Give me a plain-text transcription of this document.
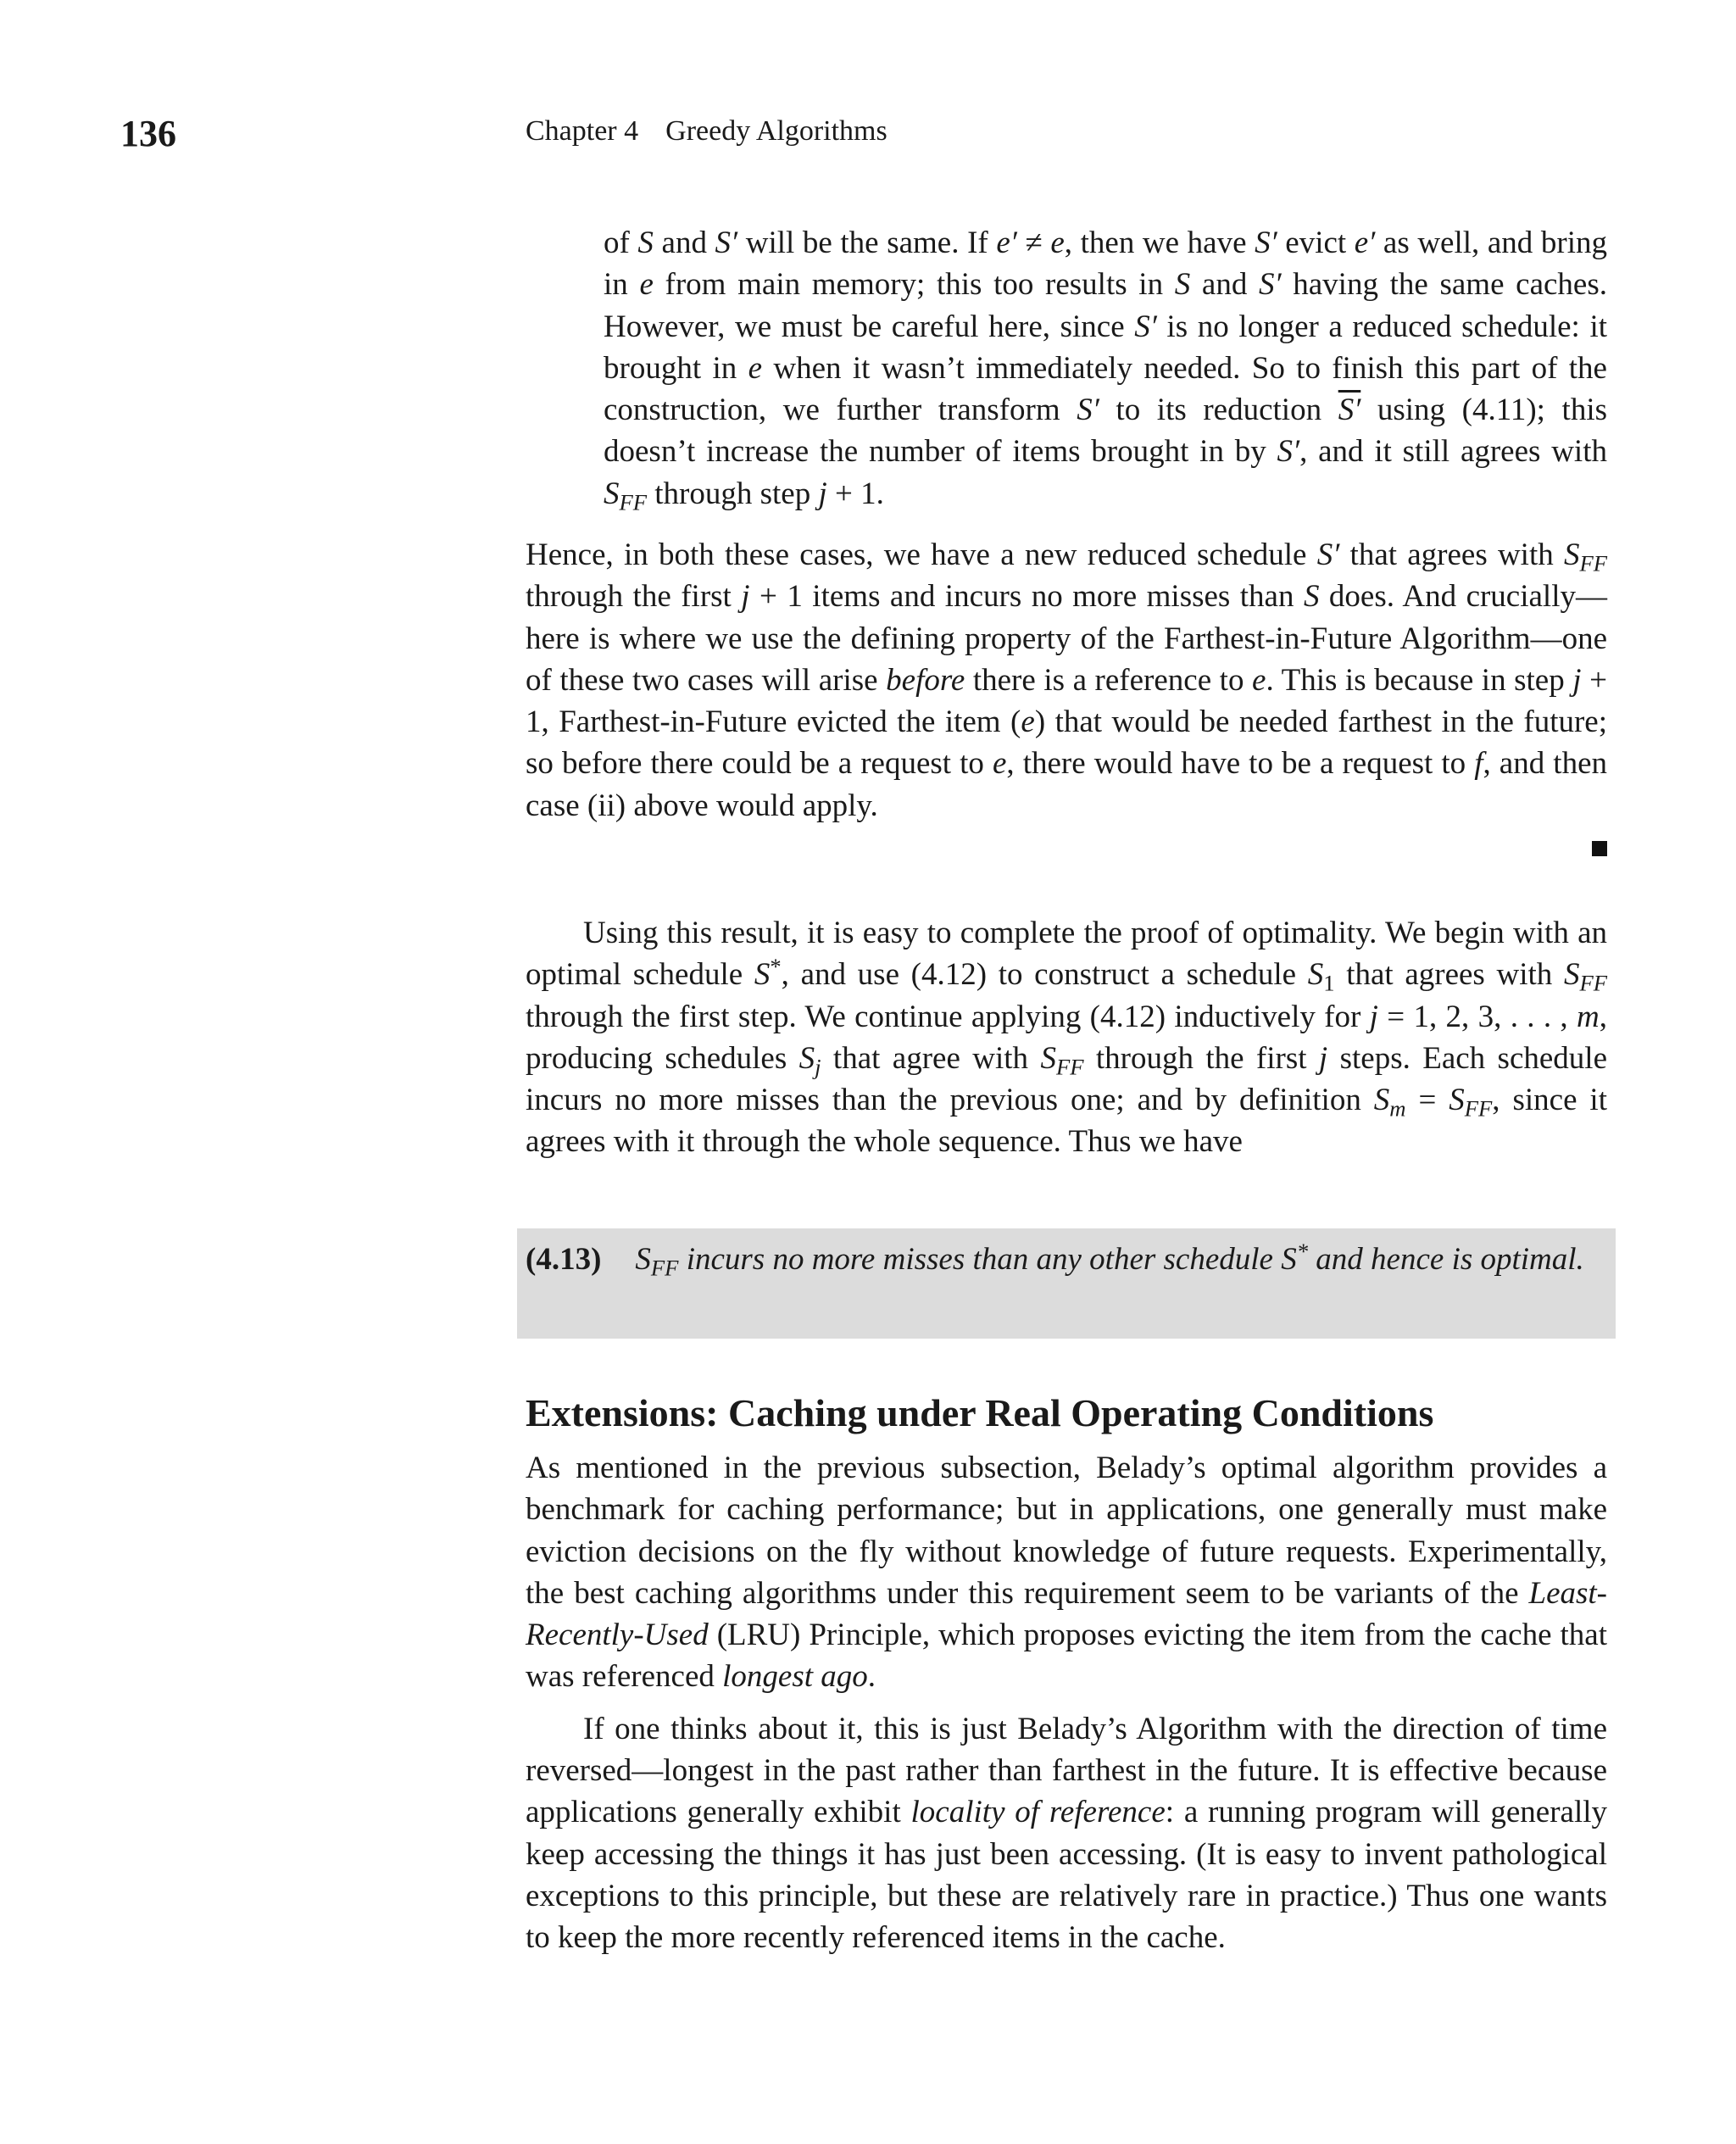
136	Chapter 4 Greedy Algorithms

of S and S′ will be the same. If e′ ≠ e, then we have S′ evict e′ as well, and bring in e from main memory; this too results in S and S′ having the same caches. However, we must be careful here, since S′ is no longer a reduced schedule: it brought in e when it wasn’t immediately needed. So to finish this part of the construction, we further transform S′ to its reduction S′ using (4.11); this doesn’t increase the number of items brought in by S′, and it still agrees with $S_{FF}$ through step j + 1.

Hence, in both these cases, we have a new reduced schedule S′ that agrees with $S_{FF}$ through the first j + 1 items and incurs no more misses than S does. And crucially—here is where we use the defining property of the Farthest-in-Future Algorithm—one of these two cases will arise before there is a reference to e. This is because in step j + 1, Farthest-in-Future evicted the item (e) that would be needed farthest in the future; so before there could be a request to e, there would have to be a request to f, and then case (ii) above would apply.

Using this result, it is easy to complete the proof of optimality. We begin with an optimal schedule S*, and use (4.12) to construct a schedule $S_1$ that agrees with $S_{FF}$ through the first step. We continue applying (4.12) inductively for j = 1, 2, 3, . . . , m, producing schedules $S_j$ that agree with $S_{FF}$ through the first j steps. Each schedule incurs no more misses than the previous one; and by definition $S_m = S_{FF}$, since it agrees with it through the whole sequence. Thus we have

(4.13) $S_{FF}$ incurs no more misses than any other schedule S* and hence is optimal.
Extensions: Caching under Real Operating Conditions

As mentioned in the previous subsection, Belady’s optimal algorithm provides a benchmark for caching performance; but in applications, one generally must make eviction decisions on the fly without knowledge of future requests. Experimentally, the best caching algorithms under this requirement seem to be variants of the Least-Recently-Used (LRU) Principle, which proposes evicting the item from the cache that was referenced longest ago.

If one thinks about it, this is just Belady’s Algorithm with the direction of time reversed—longest in the past rather than farthest in the future. It is effective because applications generally exhibit locality of reference: a running program will generally keep accessing the things it has just been accessing. (It is easy to invent pathological exceptions to this principle, but these are relatively rare in practice.) Thus one wants to keep the more recently referenced items in the cache.
